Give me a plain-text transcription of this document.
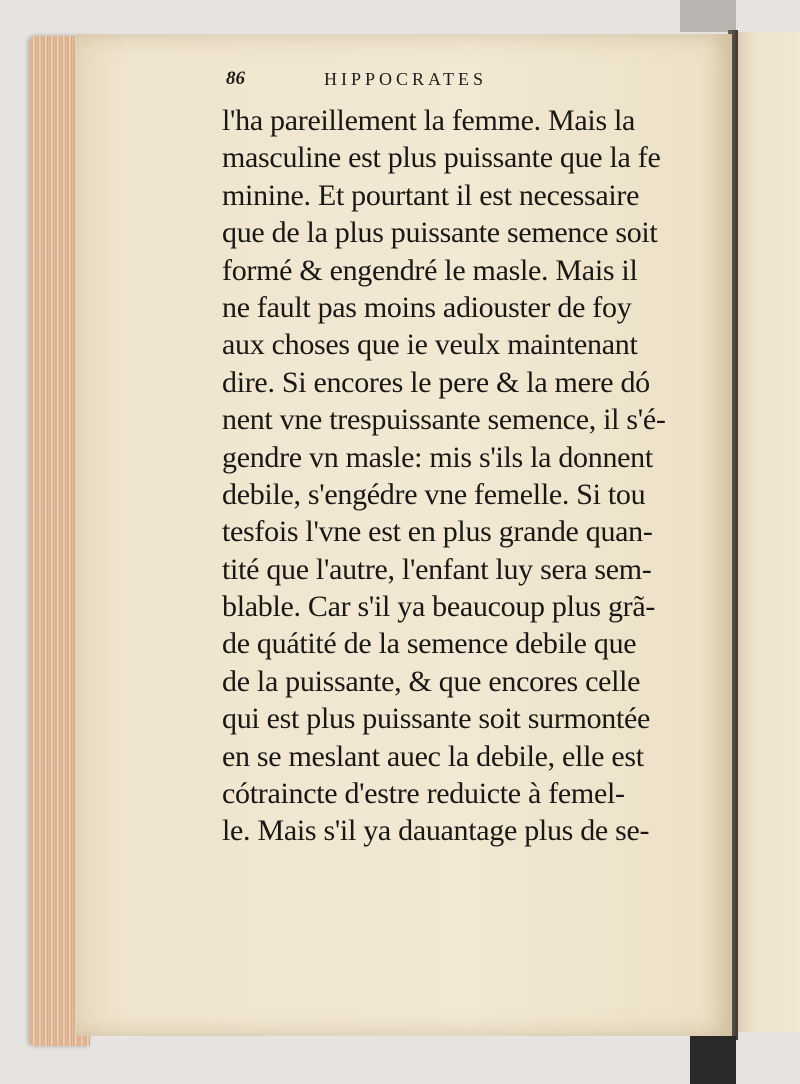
86	HIPPOCRATES
l'ha pareillement la femme. Mais la
masculine est plus puissante que la fe
minine. Et pourtant il est necessaire
que de la plus puissante semence soit
formé & engendré le masle. Mais il
ne fault pas moins adiouster de foy
aux choses que ie veulx maintenant
dire. Si encores le pere & la mere dó
nent vne trespuissante semence, il s'é-
gendre vn masle: mis s'ils la donnent
debile, s'engédre vne femelle. Si tou
tesfois l'vne est en plus grande quan-
tité que l'autre, l'enfant luy sera sem-
blable. Car s'il ya beaucoup plus grã-
de quátité de la semence debile que
de la puissante, & que encores celle
qui est plus puissante soit surmontée
en se meslant auec la debile, elle est
cótraincte d'estre reduicte à femel-
le. Mais s'il ya dauantage plus de se-
